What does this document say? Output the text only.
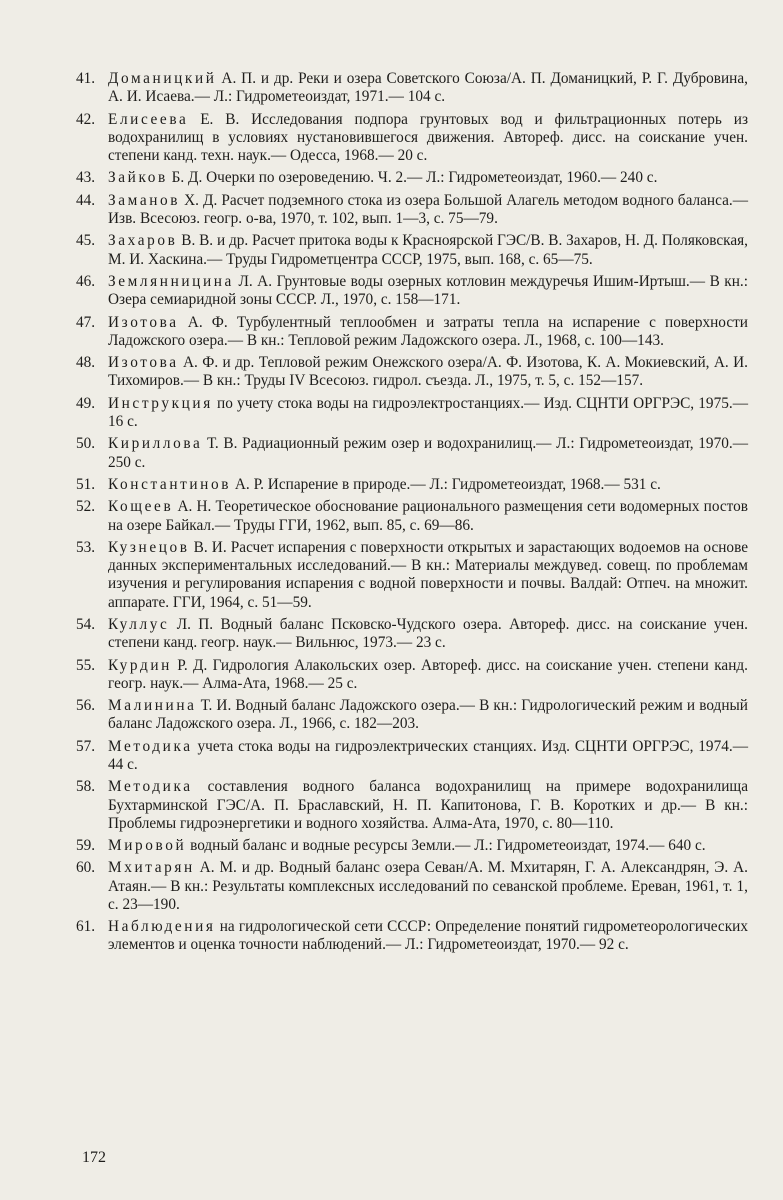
41. Доманицкий А. П. и др. Реки и озера Советского Союза/А. П. Доманицкий, Р. Г. Дубровина, А. И. Исаева.— Л.: Гидрометеоиздат, 1971.— 104 с.
42. Елисеева Е. В. Исследования подпора грунтовых вод и фильтрационных потерь из водохранилищ в условиях нустановившегося движения. Автореф. дисс. на соискание учен. степени канд. техн. наук.— Одесса, 1968.— 20 с.
43. Зайков Б. Д. Очерки по озероведению. Ч. 2.— Л.: Гидрометеоиздат, 1960.— 240 с.
44. Заманов Х. Д. Расчет подземного стока из озера Большой Алагель методом водного баланса.— Изв. Всесоюз. геогр. о-ва, 1970, т. 102, вып. 1—3, с. 75—79.
45. Захаров В. В. и др. Расчет притока воды к Красноярской ГЭС/В. В. Захаров, Н. Д. Поляковская, М. И. Хаскина.— Труды Гидрометцентра СССР, 1975, вып. 168, с. 65—75.
46. Землянницина Л. А. Грунтовые воды озерных котловин междуречья Ишим-Иртыш.— В кн.: Озера семиаридной зоны СССР. Л., 1970, с. 158—171.
47. Изотова А. Ф. Турбулентный теплообмен и затраты тепла на испарение с поверхности Ладожского озера.— В кн.: Тепловой режим Ладожского озера. Л., 1968, с. 100—143.
48. Изотова А. Ф. и др. Тепловой режим Онежского озера/А. Ф. Изотова, К. А. Мокиевский, А. И. Тихомиров.— В кн.: Труды IV Всесоюз. гидрол. съезда. Л., 1975, т. 5, с. 152—157.
49. Инструкция по учету стока воды на гидроэлектростанциях.— Изд. СЦНТИ ОРГРЭС, 1975.— 16 с.
50. Кириллова Т. В. Радиационный режим озер и водохранилищ.— Л.: Гидрометеоиздат, 1970.— 250 с.
51. Константинов А. Р. Испарение в природе.— Л.: Гидрометеоиздат, 1968.— 531 с.
52. Кощеев А. Н. Теоретическое обоснование рационального размещения сети водомерных постов на озере Байкал.— Труды ГГИ, 1962, вып. 85, с. 69—86.
53. Кузнецов В. И. Расчет испарения с поверхности открытых и зарастающих водоемов на основе данных экспериментальных исследований.— В кн.: Материалы междувед. совещ. по проблемам изучения и регулирования испарения с водной поверхности и почвы. Валдай: Отпеч. на множит. аппарате. ГГИ, 1964, с. 51—59.
54. Куллус Л. П. Водный баланс Псковско-Чудского озера. Автореф. дисс. на соискание учен. степени канд. геогр. наук.— Вильнюс, 1973.— 23 с.
55. Курдин Р. Д. Гидрология Алакольских озер. Автореф. дисс. на соискание учен. степени канд. геогр. наук.— Алма-Ата, 1968.— 25 с.
56. Малинина Т. И. Водный баланс Ладожского озера.— В кн.: Гидрологический режим и водный баланс Ладожского озера. Л., 1966, с. 182—203.
57. Методика учета стока воды на гидроэлектрических станциях. Изд. СЦНТИ ОРГРЭС, 1974.— 44 с.
58. Методика составления водного баланса водохранилищ на примере водохранилища Бухтарминской ГЭС/А. П. Браславский, Н. П. Капитонова, Г. В. Коротких и др.— В кн.: Проблемы гидроэнергетики и водного хозяйства. Алма-Ата, 1970, с. 80—110.
59. Мировой водный баланс и водные ресурсы Земли.— Л.: Гидрометеоиздат, 1974.— 640 с.
60. Мхитарян А. М. и др. Водный баланс озера Севан/А. М. Мхитарян, Г. А. Александрян, Э. А. Атаян.— В кн.: Результаты комплексных исследований по севанской проблеме. Ереван, 1961, т. 1, с. 23—190.
61. Наблюдения на гидрологической сети СССР: Определение понятий гидрометеорологических элементов и оценка точности наблюдений.— Л.: Гидрометеоиздат, 1970.— 92 с.
172
